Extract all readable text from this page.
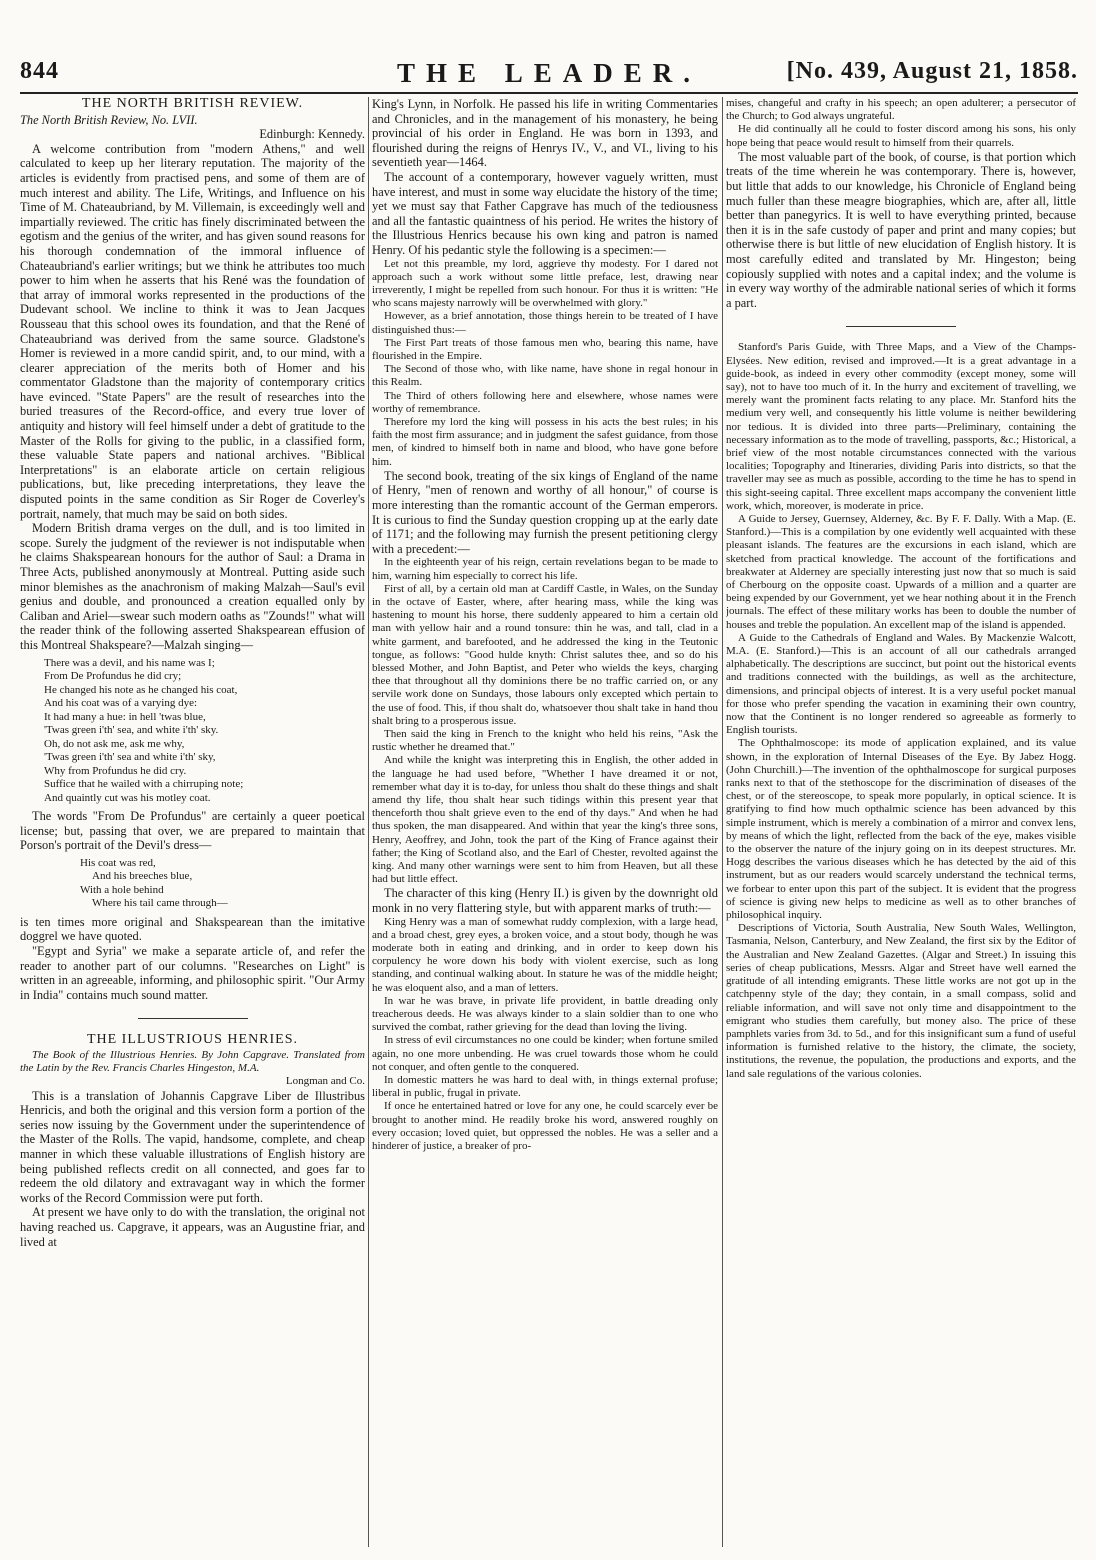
844	THE LEADER.	[No. 439, August 21, 1858.
THE NORTH BRITISH REVIEW.

The North British Review, No. LVII.

Edinburgh: Kennedy.

A welcome contribution from "modern Athens," and well calculated to keep up her literary reputation. The majority of the articles is evidently from practised pens, and some of them are of much interest and ability. The Life, Writings, and Influence on his Time of M. Chateaubriand, by M. Villemain, is exceedingly well and impartially reviewed. The critic has finely discriminated between the egotism and the genius of the writer, and has given sound reasons for his thorough condemnation of the immoral influence of Chateaubriand's earlier writings; but we think he attributes too much power to him when he asserts that his René was the foundation of that array of immoral works represented in the productions of the Dudevant school. We incline to think it was to Jean Jacques Rousseau that this school owes its foundation, and that the René of Chateaubriand was derived from the same source. Gladstone's Homer is reviewed in a more candid spirit, and, to our mind, with a clearer appreciation of the merits both of Homer and his commentator Gladstone than the majority of contemporary critics have evinced. "State Papers" are the result of researches into the buried treasures of the Record-office, and every true lover of antiquity and history will feel himself under a debt of gratitude to the Master of the Rolls for giving to the public, in a classified form, these valuable State papers and national archives. "Biblical Interpretations" is an elaborate article on certain religious publications, but, like preceding interpretations, they leave the disputed points in the same condition as Sir Roger de Coverley's portrait, namely, that much may be said on both sides.

Modern British drama verges on the dull, and is too limited in scope. Surely the judgment of the reviewer is not indisputable when he claims Shakspearean honours for the author of Saul: a Drama in Three Acts, published anonymously at Montreal. Putting aside such minor blemishes as the anachronism of making Malzah—Saul's evil genius and double, and pronounced a creation equalled only by Caliban and Ariel—swear such modern oaths as "Zounds!" what will the reader think of the following asserted Shakspearean effusion of this Montreal Shakspeare?—Malzah singing—

There was a devil, and his name was I;
From De Profundus he did cry;
He changed his note as he changed his coat,
And his coat was of a varying dye:
It had many a hue: in hell 'twas blue,
'Twas green i'th' sea, and white i'th' sky.
Oh, do not ask me, ask me why,
'Twas green i'th' sea and white i'th' sky,
Why from Profundus he did cry.
Suffice that he wailed with a chirruping note;
And quaintly cut was his motley coat.

The words "From De Profundus" are certainly a queer poetical license; but, passing that over, we are prepared to maintain that Porson's portrait of the Devil's dress—

His coat was red,
And his breeches blue,
With a hole behind
Where his tail came through—

is ten times more original and Shakspearean than the imitative doggrel we have quoted.

"Egypt and Syria" we make a separate article of, and refer the reader to another part of our columns. "Researches on Light" is written in an agreeable, informing, and philosophic spirit. "Our Army in India" contains much sound matter.

THE ILLUSTRIOUS HENRIES.

The Book of the Illustrious Henries. By John Capgrave. Translated from the Latin by the Rev. Francis Charles Hingeston, M.A.

Longman and Co.

This is a translation of Johannis Capgrave Liber de Illustribus Henricis, and both the original and this version form a portion of the series now issuing by the Government under the superintendence of the Master of the Rolls. The vapid, handsome, complete, and cheap manner in which these valuable illustrations of English history are being published reflects credit on all connected, and goes far to redeem the old dilatory and extravagant way in which the former works of the Record Commission were put forth.

At present we have only to do with the translation, the original not having reached us. Capgrave, it appears, was an Augustine friar, and lived at

King's Lynn, in Norfolk. He passed his life in writing Commentaries and Chronicles, and in the management of his monastery, he being provincial of his order in England. He was born in 1393, and flourished during the reigns of Henrys IV., V., and VI., living to his seventieth year—1464.

The account of a contemporary, however vaguely written, must have interest, and must in some way elucidate the history of the time; yet we must say that Father Capgrave has much of the tediousness and all the fantastic quaintness of his period. He writes the history of the Illustrious Henrics because his own king and patron is named Henry. Of his pedantic style the following is a specimen:—

Let not this preamble, my lord, aggrieve thy modesty. For I dared not approach such a work without some little preface, lest, drawing near irreverently, I might be repelled from such honour. For thus it is written: "He who scans majesty narrowly will be overwhelmed with glory."

However, as a brief annotation, those things herein to be treated of I have distinguished thus:—

The First Part treats of those famous men who, bearing this name, have flourished in the Empire.

The Second of those who, with like name, have shone in regal honour in this Realm.

The Third of others following here and elsewhere, whose names were worthy of remembrance.

Therefore my lord the king will possess in his acts the best rules; in his faith the most firm assurance; and in judgment the safest guidance, from those men, of kindred to himself both in name and blood, who have gone before him.

The second book, treating of the six kings of England of the name of Henry, "men of renown and worthy of all honour," of course is more interesting than the romantic account of the German emperors. It is curious to find the Sunday question cropping up at the early date of 1171; and the following may furnish the present petitioning clergy with a precedent:—

In the eighteenth year of his reign, certain revelations began to be made to him, warning him especially to correct his life.

First of all, by a certain old man at Cardiff Castle, in Wales, on the Sunday in the octave of Easter, where, after hearing mass, while the king was hastening to mount his horse, there suddenly appeared to him a certain old man with yellow hair and a round tonsure: thin he was, and tall, clad in a white garment, and barefooted, and he addressed the king in the Teutonic tongue, as follows: "Good hulde knyth: Christ salutes thee, and so do his blessed Mother, and John Baptist, and Peter who wields the keys, charging thee that throughout all thy dominions there be no traffic carried on, or any servile work done on Sundays, those labours only excepted which pertain to the use of food. This, if thou shalt do, whatsoever thou shalt take in hand thou shalt bring to a prosperous issue.

Then said the king in French to the knight who held his reins, "Ask the rustic whether he dreamed that."

And while the knight was interpreting this in English, the other added in the language he had used before, "Whether I have dreamed it or not, remember what day it is to-day, for unless thou shalt do these things and shalt amend thy life, thou shalt hear such tidings within this present year that thenceforth thou shalt grieve even to the end of thy days." And when he had thus spoken, the man disappeared. And within that year the king's three sons, Henry, Aeoffrey, and John, took the part of the King of France against their father; the King of Scotland also, and the Earl of Chester, revolted against the king. And many other warnings were sent to him from Heaven, but all these had but little effect.

The character of this king (Henry II.) is given by the downright old monk in no very flattering style, but with apparent marks of truth:—

King Henry was a man of somewhat ruddy complexion, with a large head, and a broad chest, grey eyes, a broken voice, and a stout body, though he was moderate both in eating and drinking, and in order to keep down his corpulency he wore down his body with violent exercise, such as long standing, and continual walking about. In stature he was of the middle height; he was eloquent also, and a man of letters.

In war he was brave, in private life provident, in battle dreading only treacherous deeds. He was always kinder to a slain soldier than to one who survived the combat, rather grieving for the dead than loving the living.

In stress of evil circumstances no one could be kinder; when fortune smiled again, no one more unbending. He was cruel towards those whom he could not conquer, and often gentle to the conquered.

In domestic matters he was hard to deal with, in things external profuse; liberal in public, frugal in private.

If once he entertained hatred or love for any one, he could scarcely ever be brought to another mind. He readily broke his word, answered roughly on every occasion; loved quiet, but oppressed the nobles. He was a seller and a hinderer of justice, a breaker of pro-

mises, changeful and crafty in his speech; an open adulterer; a persecutor of the Church; to God always ungrateful.

He did continually all he could to foster discord among his sons, his only hope being that peace would result to himself from their quarrels.

The most valuable part of the book, of course, is that portion which treats of the time wherein he was contemporary. There is, however, but little that adds to our knowledge, his Chronicle of England being much fuller than these meagre biographies, which are, after all, little better than panegyrics. It is well to have everything printed, because then it is in the safe custody of paper and print and many copies; but otherwise there is but little of new elucidation of English history. It is most carefully edited and translated by Mr. Hingeston; being copiously supplied with notes and a capital index; and the volume is in every way worthy of the admirable national series of which it forms a part.

Stanford's Paris Guide, with Three Maps, and a View of the Champs-Elysées. New edition, revised and improved.—It is a great advantage in a guide-book, as indeed in every other commodity (except money, some will say), not to have too much of it. In the hurry and excitement of travelling, we merely want the prominent facts relating to any place. Mr. Stanford hits the medium very well, and consequently his little volume is neither bewildering nor tedious. It is divided into three parts—Preliminary, containing the necessary information as to the mode of travelling, passports, &c.; Historical, a brief view of the most notable circumstances connected with the various localities; Topography and Itineraries, dividing Paris into districts, so that the traveller may see as much as possible, according to the time he has to spend in this sight-seeing capital. Three excellent maps accompany the convenient little work, which, moreover, is moderate in price.

A Guide to Jersey, Guernsey, Alderney, &c. By F. F. Dally. With a Map. (E. Stanford.)—This is a compilation by one evidently well acquainted with these pleasant islands. The features are the excursions in each island, which are sketched from practical knowledge. The account of the fortifications and breakwater at Alderney are specially interesting just now that so much is said of Cherbourg on the opposite coast. Upwards of a million and a quarter are being expended by our Government, yet we hear nothing about it in the French journals. The effect of these military works has been to double the number of houses and treble the population. An excellent map of the island is appended.

A Guide to the Cathedrals of England and Wales. By Mackenzie Walcott, M.A. (E. Stanford.)—This is an account of all our cathedrals arranged alphabetically. The descriptions are succinct, but point out the historical events and traditions connected with the buildings, as well as the architecture, dimensions, and principal objects of interest. It is a very useful pocket manual for those who prefer spending the vacation in examining their own country, now that the Continent is no longer rendered so agreeable as formerly to English tourists.

The Ophthalmoscope: its mode of application explained, and its value shown, in the exploration of Internal Diseases of the Eye. By Jabez Hogg. (John Churchill.)—The invention of the ophthalmoscope for surgical purposes ranks next to that of the stethoscope for the discrimination of diseases of the chest, or of the stereoscope, to speak more popularly, in optical science. It is gratifying to find how much opthalmic science has been advanced by this simple instrument, which is merely a combination of a mirror and convex lens, by means of which the light, reflected from the back of the eye, makes visible to the observer the nature of the injury going on in its deepest structures. Mr. Hogg describes the various diseases which he has detected by the aid of this instrument, but as our readers would scarcely understand the technical terms, we forbear to enter upon this part of the subject. It is evident that the progress of science is giving new helps to medicine as well as to other branches of philosophical inquiry.

Descriptions of Victoria, South Australia, New South Wales, Wellington, Tasmania, Nelson, Canterbury, and New Zealand, the first six by the Editor of the Australian and New Zealand Gazettes. (Algar and Street.) In issuing this series of cheap publications, Messrs. Algar and Street have well earned the gratitude of all intending emigrants. These little works are not got up in the catchpenny style of the day; they contain, in a small compass, solid and reliable information, and will save not only time and disappointment to the emigrant who studies them carefully, but money also. The price of these pamphlets varies from 3d. to 5d., and for this insignificant sum a fund of useful information is furnished relative to the history, the climate, the society, institutions, the revenue, the population, the productions and exports, and the land sale regulations of the various colonies.
